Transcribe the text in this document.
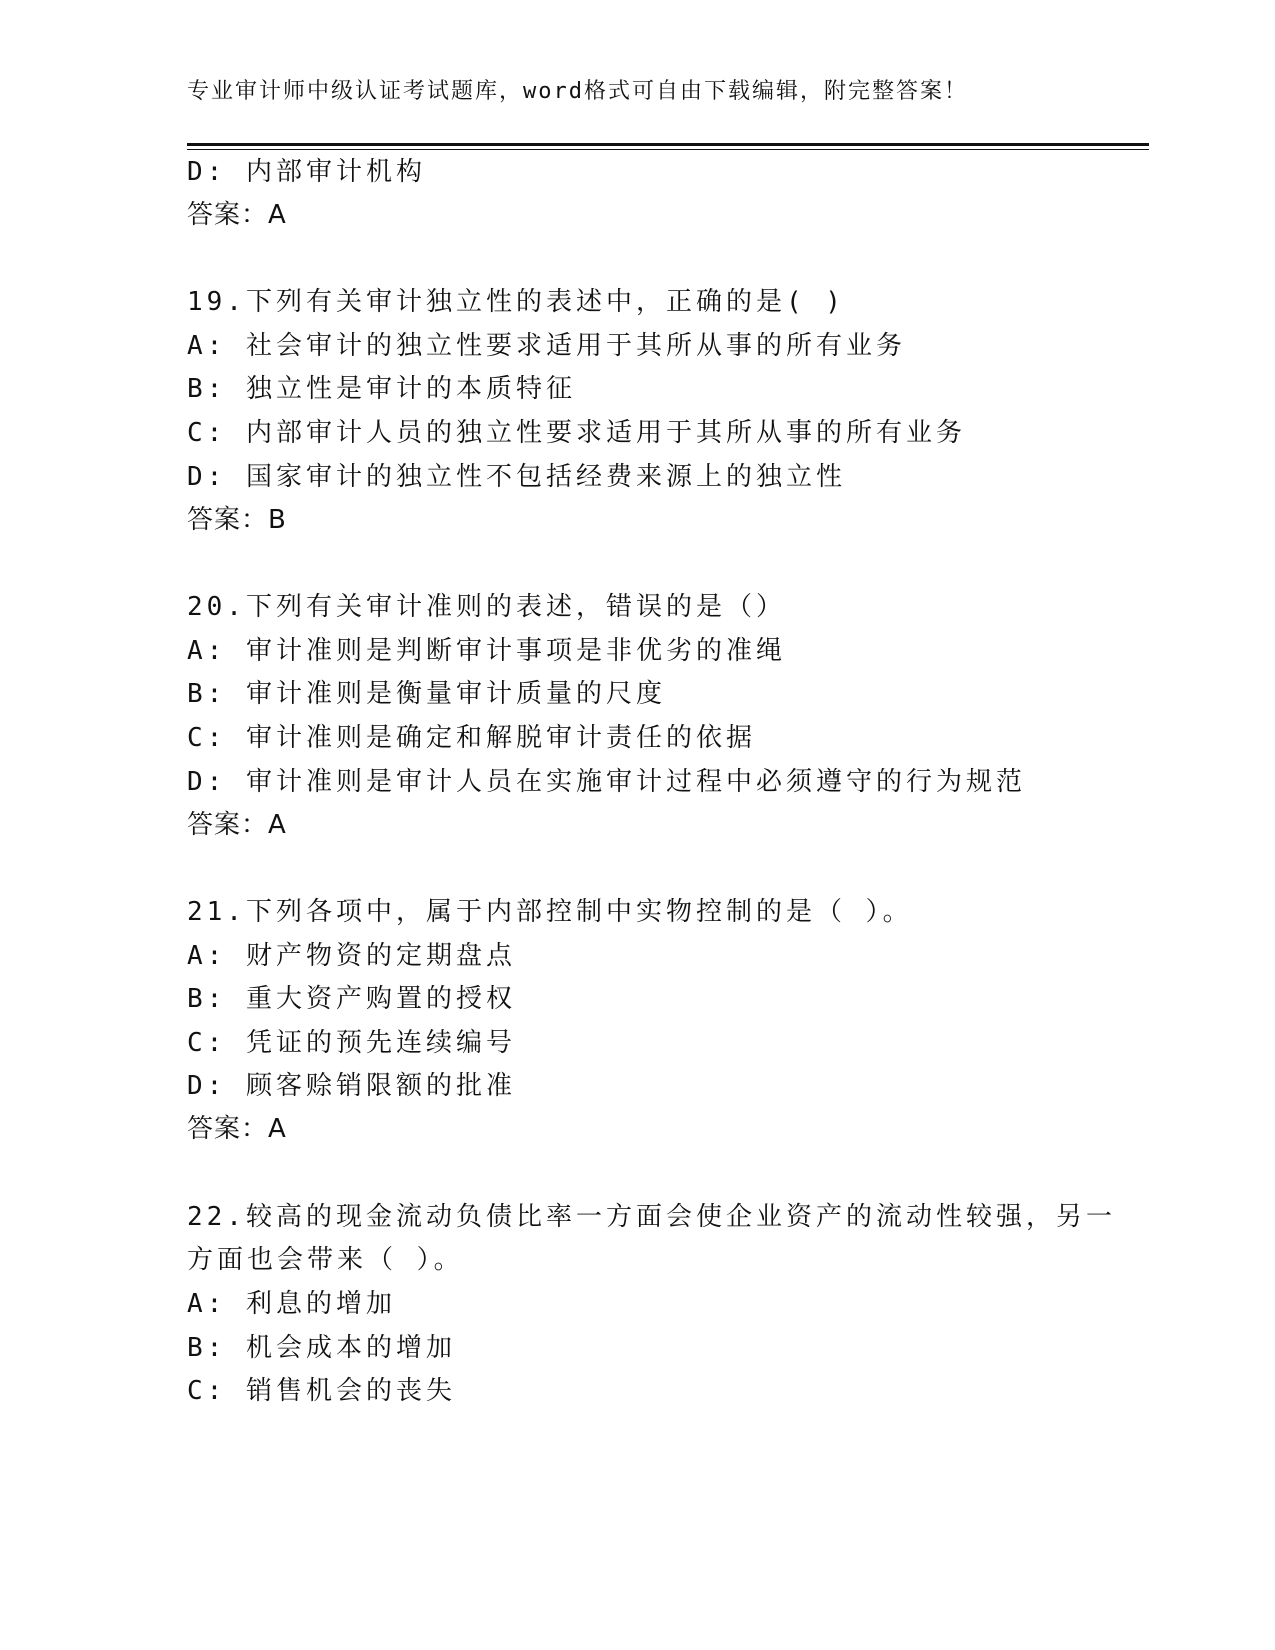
专业审计师中级认证考试题库，word格式可自由下载编辑，附完整答案！
D: 内部审计机构
答案：A
19.下列有关审计独立性的表述中，正确的是( )
A: 社会审计的独立性要求适用于其所从事的所有业务
B: 独立性是审计的本质特征
C: 内部审计人员的独立性要求适用于其所从事的所有业务
D: 国家审计的独立性不包括经费来源上的独立性
答案：B
20.下列有关审计准则的表述，错误的是（）
A: 审计准则是判断审计事项是非优劣的准绳
B: 审计准则是衡量审计质量的尺度
C: 审计准则是确定和解脱审计责任的依据
D: 审计准则是审计人员在实施审计过程中必须遵守的行为规范
答案：A
21.下列各项中，属于内部控制中实物控制的是（ ）。
A: 财产物资的定期盘点
B: 重大资产购置的授权
C: 凭证的预先连续编号
D: 顾客赊销限额的批准
答案：A
22.较高的现金流动负债比率一方面会使企业资产的流动性较强，另一
方面也会带来（ ）。
A: 利息的增加
B: 机会成本的增加
C: 销售机会的丧失
